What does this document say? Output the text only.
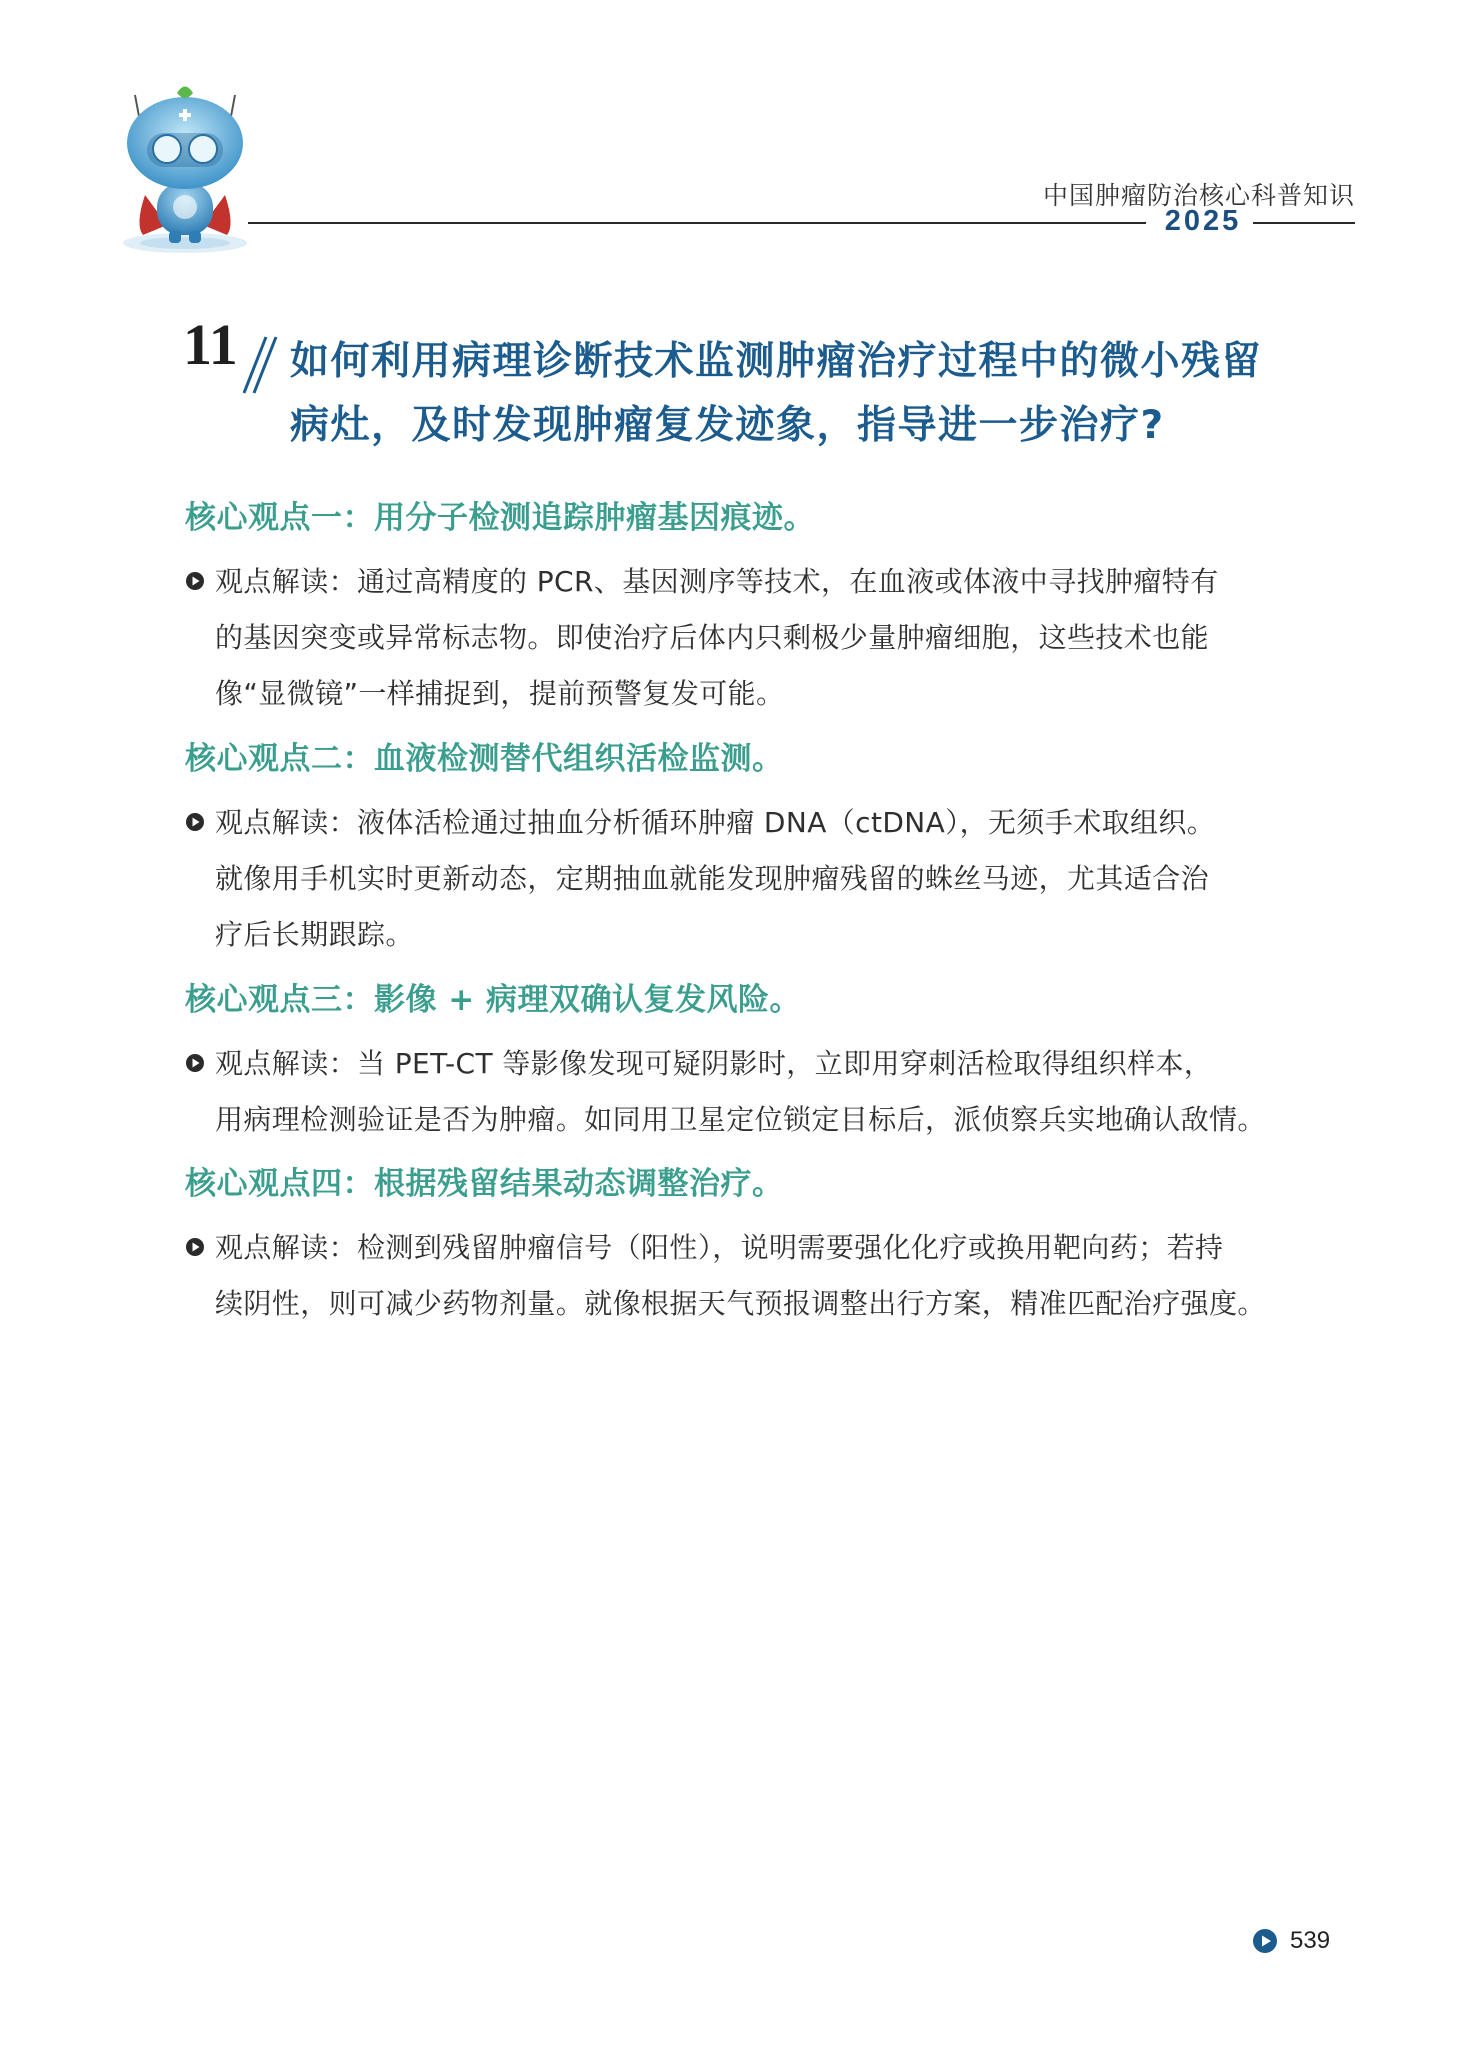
中国肿瘤防治核心科普知识
2025
11 如何利用病理诊断技术监测肿瘤治疗过程中的微小残留
病灶，及时发现肿瘤复发迹象，指导进一步治疗?
核心观点一：用分子检测追踪肿瘤基因痕迹。
观点解读：通过高精度的 PCR、基因测序等技术，在血液或体液中寻找肿瘤特有
的基因突变或异常标志物。即使治疗后体内只剩极少量肿瘤细胞，这些技术也能
像“显微镜”一样捕捉到，提前预警复发可能。
核心观点二：血液检测替代组织活检监测。
观点解读：液体活检通过抽血分析循环肿瘤 DNA（ctDNA），无须手术取组织。
就像用手机实时更新动态，定期抽血就能发现肿瘤残留的蛛丝马迹，尤其适合治
疗后长期跟踪。
核心观点三：影像 + 病理双确认复发风险。
观点解读：当 PET-CT 等影像发现可疑阴影时，立即用穿刺活检取得组织样本，
用病理检测验证是否为肿瘤。如同用卫星定位锁定目标后，派侦察兵实地确认敌情。
核心观点四：根据残留结果动态调整治疗。
观点解读：检测到残留肿瘤信号（阳性），说明需要强化化疗或换用靶向药；若持
续阴性，则可减少药物剂量。就像根据天气预报调整出行方案，精准匹配治疗强度。
539
